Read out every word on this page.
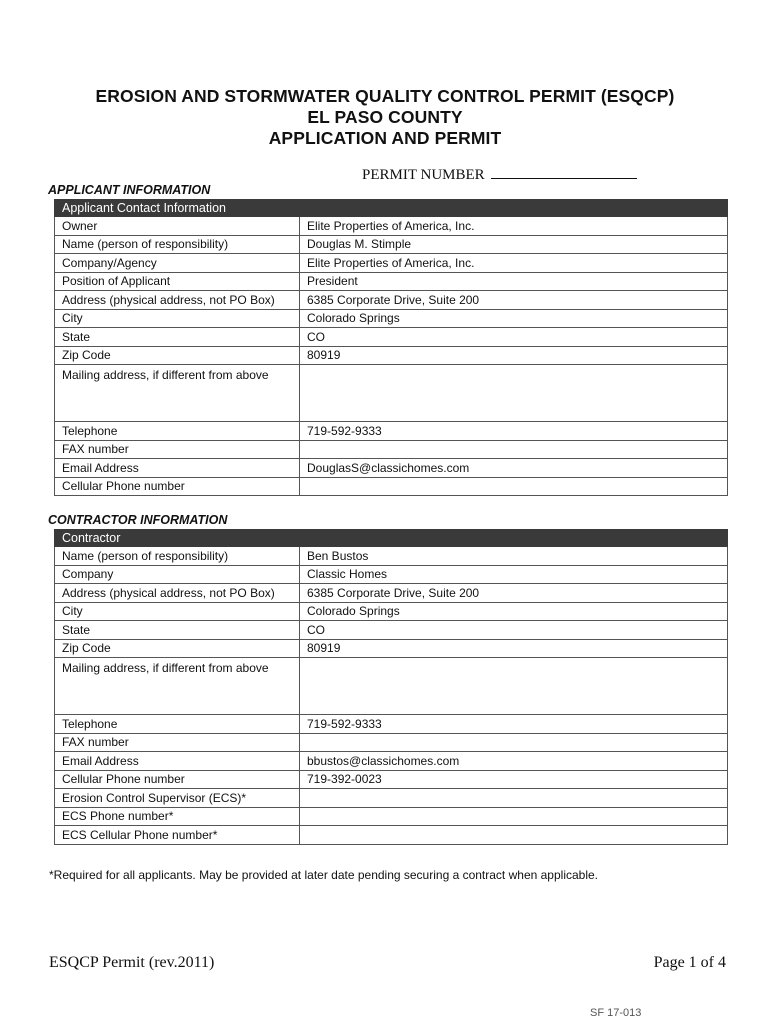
EROSION AND STORMWATER QUALITY CONTROL PERMIT (ESQCP)
EL PASO COUNTY
APPLICATION AND PERMIT
PERMIT NUMBER
APPLICANT INFORMATION
Applicant Contact Information	
Owner	Elite Properties of America, Inc.
Name (person of responsibility)	Douglas M. Stimple
Company/Agency	Elite Properties of America, Inc.
Position of Applicant	President
Address (physical address, not PO Box)	6385 Corporate Drive, Suite 200
City	Colorado Springs
State	CO
Zip Code	80919
Mailing address, if different from above	
Telephone	719-592-9333
FAX number	
Email Address	DouglasS@classichomes.com
Cellular Phone number	
CONTRACTOR INFORMATION
Contractor	
Name (person of responsibility)	Ben Bustos
Company	Classic Homes
Address (physical address, not PO Box)	6385 Corporate Drive, Suite 200
City	Colorado Springs
State	CO
Zip Code	80919
Mailing address, if different from above	
Telephone	719-592-9333
FAX number	
Email Address	bbustos@classichomes.com
Cellular Phone number	719-392-0023
Erosion Control Supervisor (ECS)*	
ECS Phone number*	
ECS Cellular Phone number*	
*Required for all applicants. May be provided at later date pending securing a contract when applicable.
ESQCP Permit (rev.2011)	Page 1 of 4
SF 17-013
